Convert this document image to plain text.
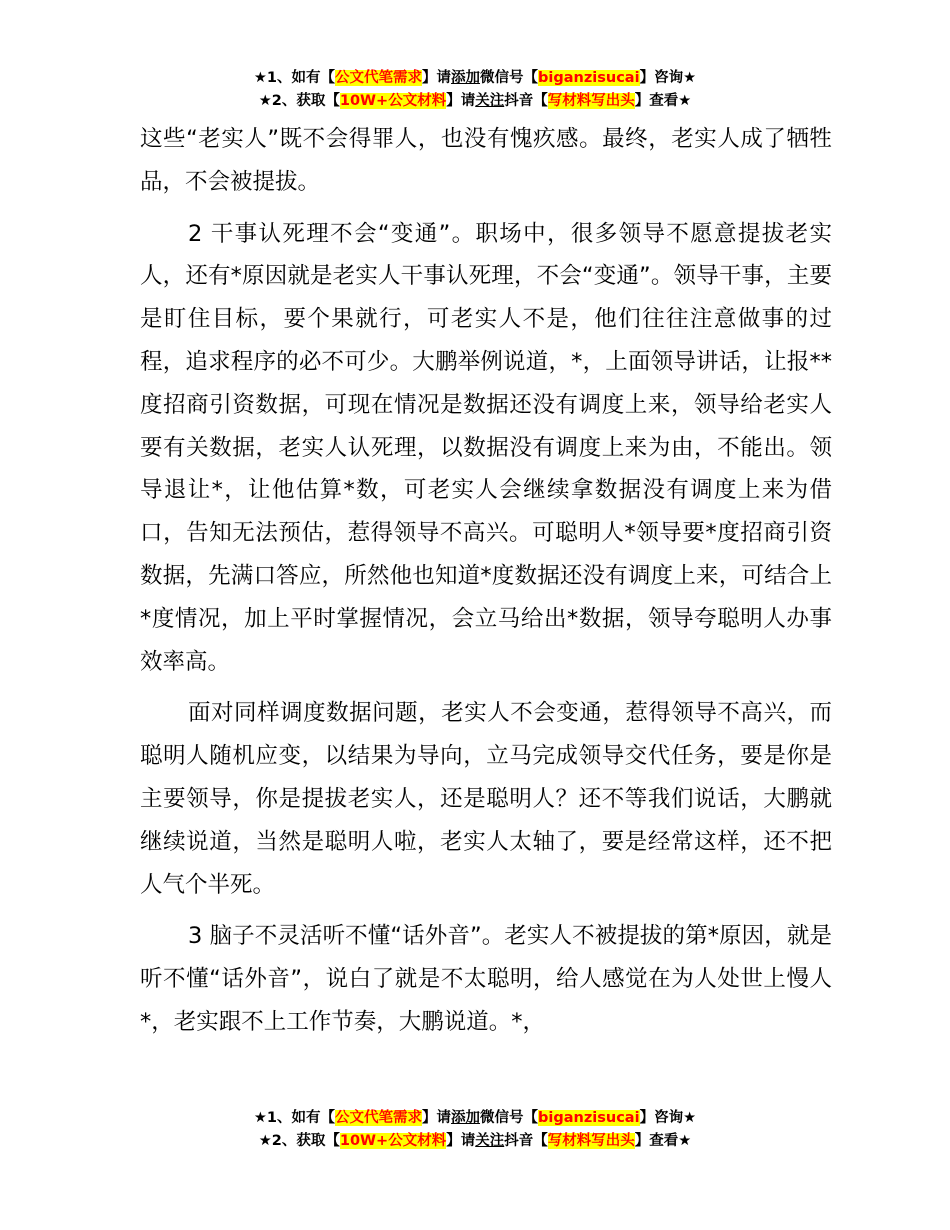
★1、如有【公文代笔需求】请添加微信号【biganzisucai】咨询★
★2、获取【10W+公文材料】请关注抖音【写材料写出头】查看★

这些“老实人”既不会得罪人，也没有愧疚感。最终，老实人成了牺牲品，不会被提拔。

2 干事认死理不会“变通”。职场中，很多领导不愿意提拔老实人，还有*原因就是老实人干事认死理，不会“变通”。领导干事，主要是盯住目标，要个果就行，可老实人不是，他们往往注意做事的过程，追求程序的必不可少。大鹏举例说道，*，上面领导讲话，让报**度招商引资数据，可现在情况是数据还没有调度上来，领导给老实人要有关数据，老实人认死理，以数据没有调度上来为由，不能出。领导退让*，让他估算*数，可老实人会继续拿数据没有调度上来为借口，告知无法预估，惹得领导不高兴。可聪明人*领导要*度招商引资数据，先满口答应，所然他也知道*度数据还没有调度上来，可结合上*度情况，加上平时掌握情况，会立马给出*数据，领导夸聪明人办事效率高。

面对同样调度数据问题，老实人不会变通，惹得领导不高兴，而聪明人随机应变，以结果为导向，立马完成领导交代任务，要是你是主要领导，你是提拔老实人，还是聪明人？还不等我们说话，大鹏就继续说道，当然是聪明人啦，老实人太轴了，要是经常这样，还不把人气个半死。

3 脑子不灵活听不懂“话外音”。老实人不被提拔的第*原因，就是听不懂“话外音”，说白了就是不太聪明，给人感觉在为人处世上慢人*，老实跟不上工作节奏，大鹏说道。*，

★1、如有【公文代笔需求】请添加微信号【biganzisucai】咨询★
★2、获取【10W+公文材料】请关注抖音【写材料写出头】查看★
